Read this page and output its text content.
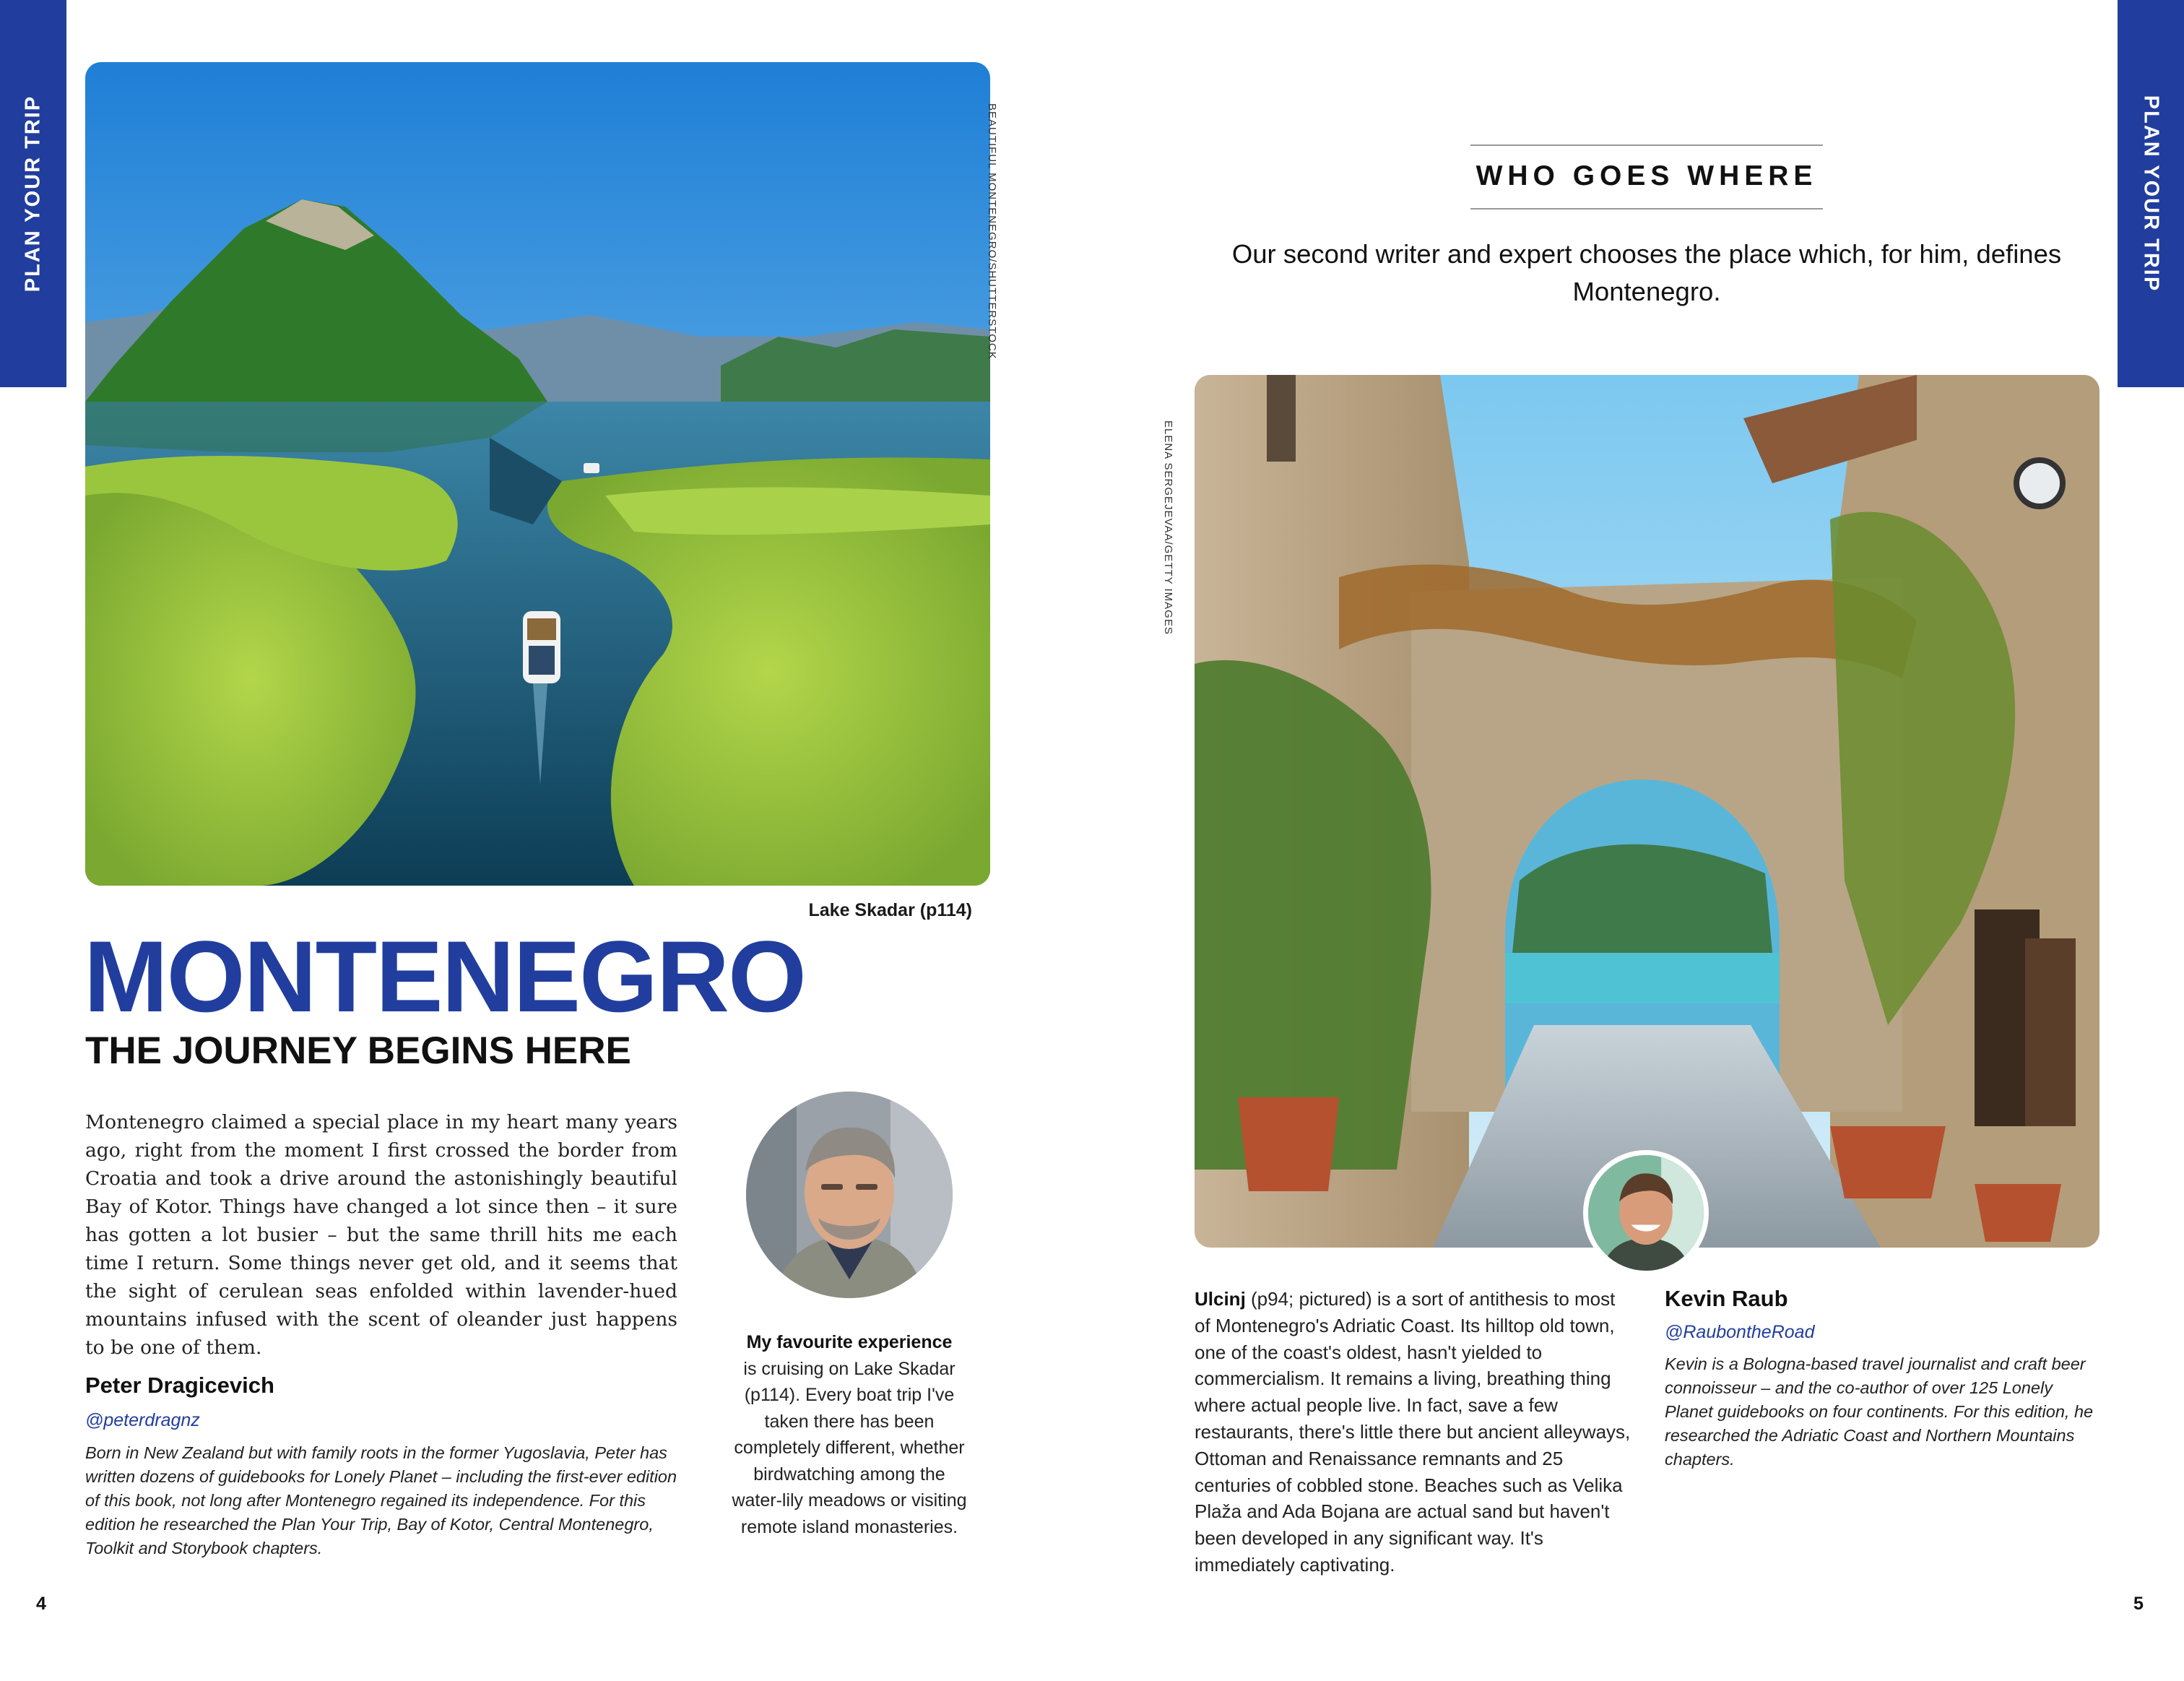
PLAN YOUR TRIP	PLAN YOUR TRIP
BEAUTIFUL MONTENEGRO/SHUTTERSTOCK
Lake Skadar (p114)
MONTENEGRO
THE JOURNEY BEGINS HERE
Montenegro claimed a special place in my heart many years ago, right from the moment I first crossed the border from Croatia and took a drive around the astonishingly beautiful Bay of Kotor. Things have changed a lot since then – it sure has gotten a lot busier – but the same thrill hits me each time I return. Some things never get old, and it seems that the sight of cerulean seas enfolded within lavender-hued mountains infused with the scent of oleander just happens to be one of them.
Peter Dragicevich
@peterdragnz
Born in New Zealand but with family roots in the former Yugoslavia, Peter has written dozens of guidebooks for Lonely Planet – including the first-ever edition of this book, not long after Montenegro regained its independence. For this edition he researched the Plan Your Trip, Bay of Kotor, Central Montenegro, Toolkit and Storybook chapters.
My favourite experience
is cruising on Lake Skadar (p114). Every boat trip I've taken there has been completely different, whether birdwatching among the water-lily meadows or visiting remote island monasteries.
WHO GOES WHERE
Our second writer and expert chooses the place which, for him, defines Montenegro.
ELENA SERGEJEVAA/GETTY IMAGES
Ulcinj (p94; pictured) is a sort of antithesis to most of Montenegro's Adriatic Coast. Its hilltop old town, one of the coast's oldest, hasn't yielded to commercialism. It remains a living, breathing thing where actual people live. In fact, save a few restaurants, there's little there but ancient alleyways, Ottoman and Renaissance remnants and 25 centuries of cobbled stone. Beaches such as Velika Plaža and Ada Bojana are actual sand but haven't been developed in any significant way. It's immediately captivating.
Kevin Raub
@RaubontheRoad
Kevin is a Bologna-based travel journalist and craft beer connoisseur – and the co-author of over 125 Lonely Planet guidebooks on four continents. For this edition, he researched the Adriatic Coast and Northern Mountains chapters.
4	5
